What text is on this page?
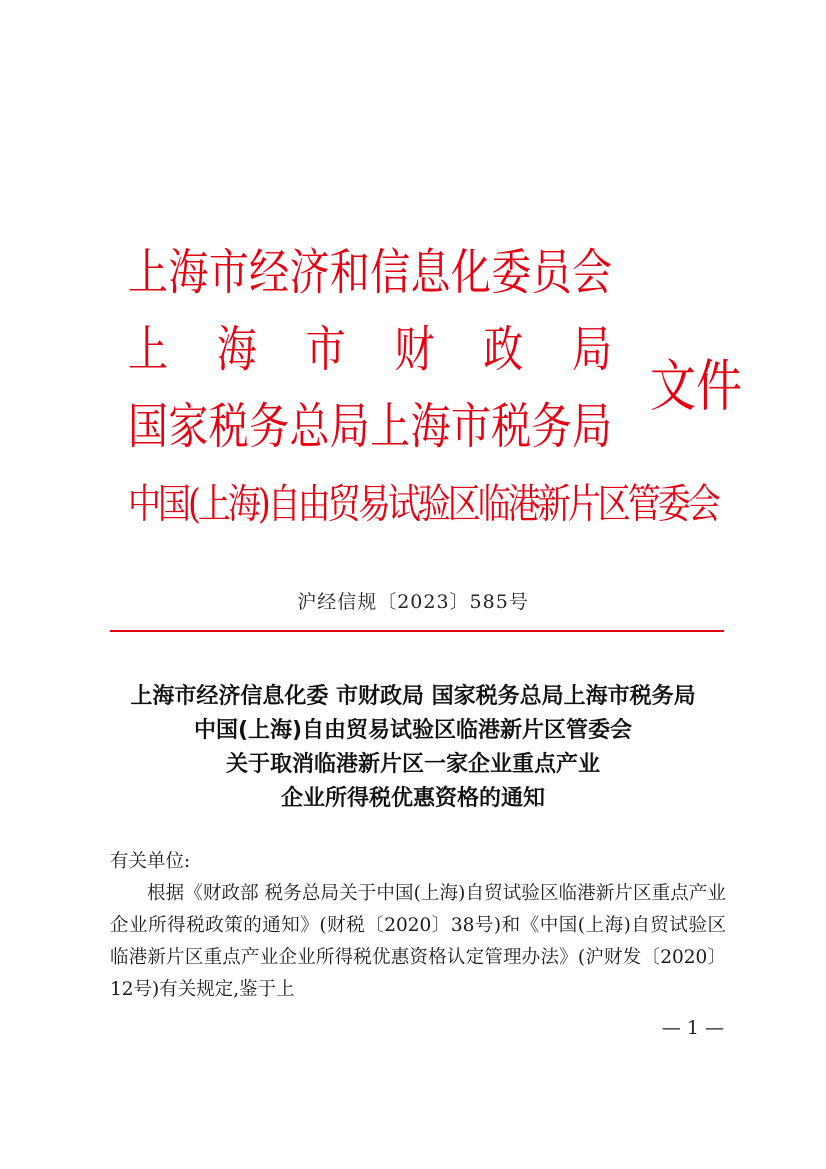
上 海 市 经 济 和 信 息 化 委 员 会
上 海 市 财 政 局
国 家 税 务 总 局 上 海 市 税 务 局
中国(上海)自由贸易试验区临港新片区管委会
文件
沪经信规〔2023〕585号
上海市经济信息化委 市财政局 国家税务总局上海市税务局
中国(上海)自由贸易试验区临港新片区管委会
关于取消临港新片区一家企业重点产业
企业所得税优惠资格的通知

有关单位:

根据《财政部 税务总局关于中国(上海)自贸试验区临港新片区重点产业企业所得税政策的通知》(财税〔2020〕38号)和《中国(上海)自贸试验区临港新片区重点产业企业所得税优惠资格认定管理办法》(沪财发〔2020〕12号)有关规定,鉴于上

— 1 —
